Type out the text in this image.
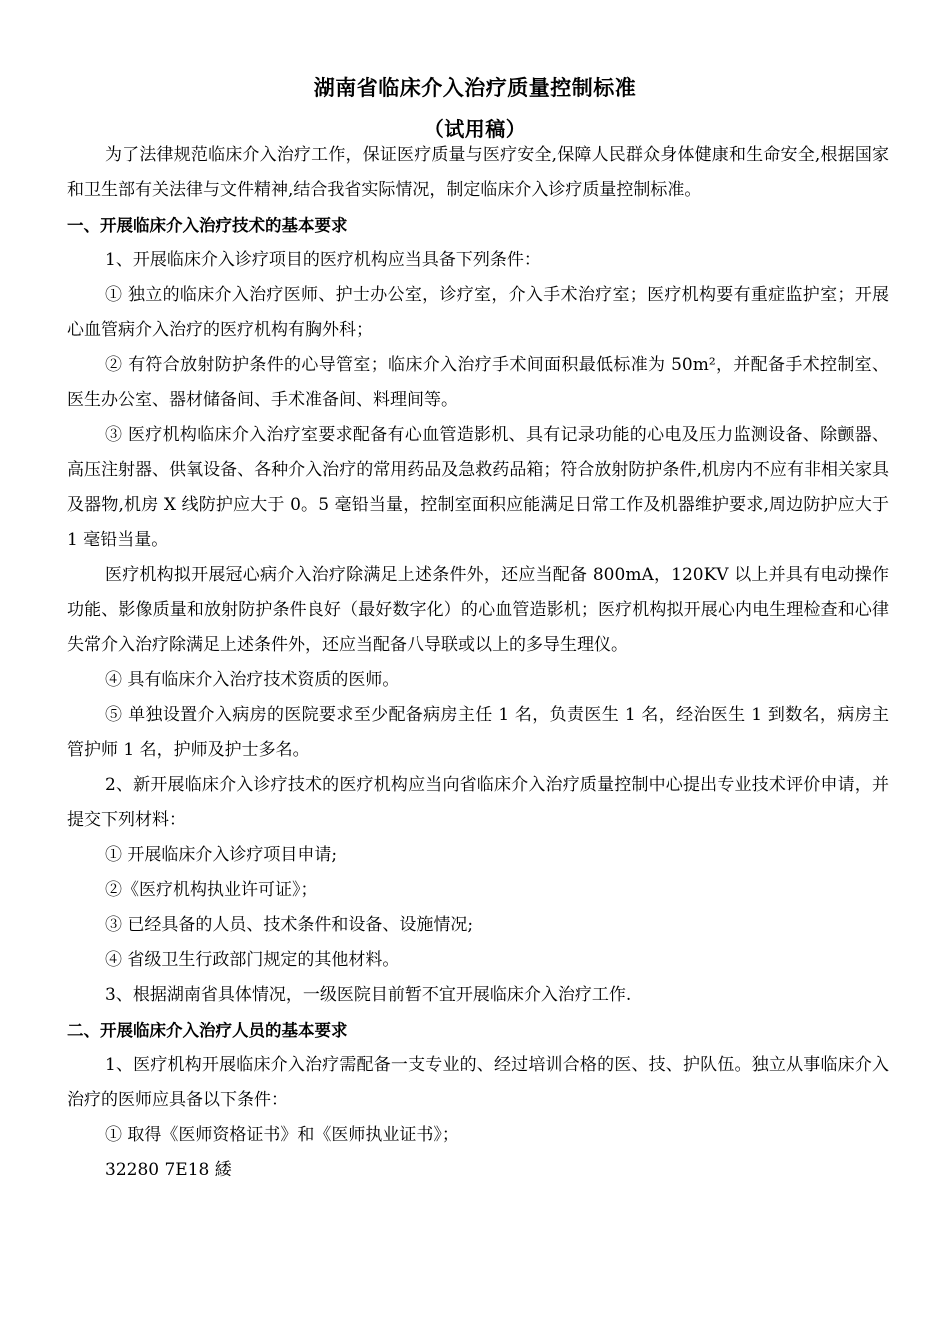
湖南省临床介入治疗质量控制标准
（试用稿）

为了法律规范临床介入治疗工作，保证医疗质量与医疗安全,保障人民群众身体健康和生命安全,根据国家和卫生部有关法律与文件精神,结合我省实际情况，制定临床介入诊疗质量控制标准。

一、开展临床介入治疗技术的基本要求

1、开展临床介入诊疗项目的医疗机构应当具备下列条件：

① 独立的临床介入治疗医师、护士办公室，诊疗室，介入手术治疗室；医疗机构要有重症监护室；开展心血管病介入治疗的医疗机构有胸外科；

② 有符合放射防护条件的心导管室；临床介入治疗手术间面积最低标准为 50m²，并配备手术控制室、医生办公室、器材储备间、手术准备间、料理间等。

③ 医疗机构临床介入治疗室要求配备有心血管造影机、具有记录功能的心电及压力监测设备、除颤器、高压注射器、供氧设备、各种介入治疗的常用药品及急救药品箱；符合放射防护条件,机房内不应有非相关家具及器物,机房 X 线防护应大于 0。5 毫铅当量，控制室面积应能满足日常工作及机器维护要求,周边防护应大于 1 毫铅当量。

医疗机构拟开展冠心病介入治疗除满足上述条件外，还应当配备 800mA，120KV 以上并具有电动操作功能、影像质量和放射防护条件良好（最好数字化）的心血管造影机；医疗机构拟开展心内电生理检查和心律失常介入治疗除满足上述条件外，还应当配备八导联或以上的多导生理仪。

④ 具有临床介入治疗技术资质的医师。

⑤ 单独设置介入病房的医院要求至少配备病房主任 1 名，负责医生 1 名，经治医生 1 到数名，病房主管护师 1 名，护师及护士多名。

2、新开展临床介入诊疗技术的医疗机构应当向省临床介入治疗质量控制中心提出专业技术评价申请，并提交下列材料：

① 开展临床介入诊疗项目申请;

②《医疗机构执业许可证》；

③ 已经具备的人员、技术条件和设备、设施情况;

④ 省级卫生行政部门规定的其他材料。

3、根据湖南省具体情况，一级医院目前暂不宜开展临床介入治疗工作.

二、开展临床介入治疗人员的基本要求

1、医疗机构开展临床介入治疗需配备一支专业的、经过培训合格的医、技、护队伍。独立从事临床介入治疗的医师应具备以下条件：

① 取得《医师资格证书》和《医师执业证书》；

32280 7E18 緌
